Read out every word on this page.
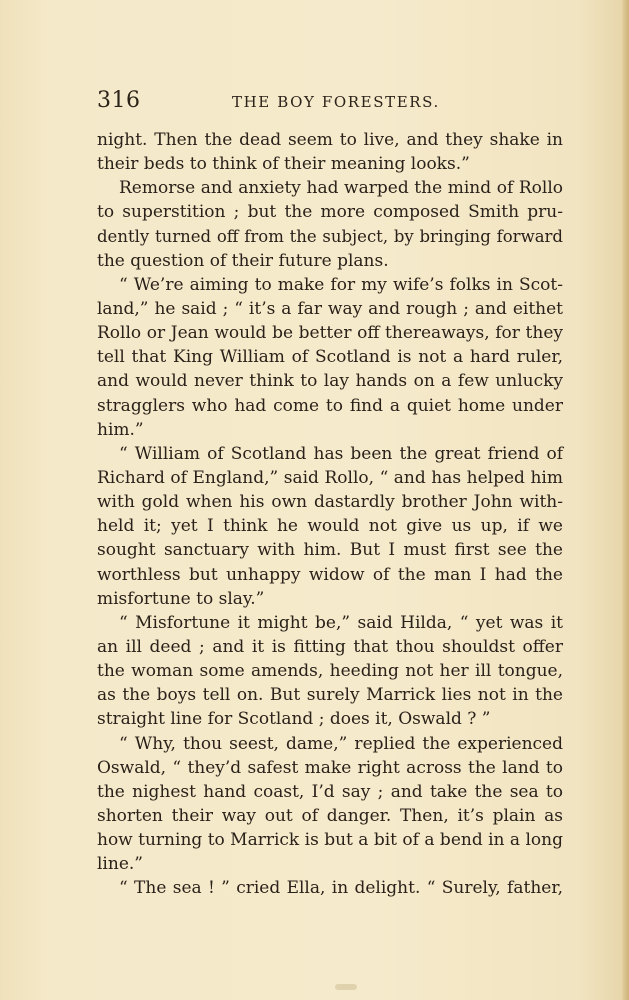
316	THE BOY FORESTERS.
night. Then the dead seem to live, and they shake in
their beds to think of their meaning looks.”
Remorse and anxiety had warped the mind of Rollo
to superstition ; but the more composed Smith pru-
dently turned off from the subject, by bringing forward
the question of their future plans.
“ We’re aiming to make for my wife’s folks in Scot-
land,” he said ; “ it’s a far way and rough ; and eithet
Rollo or Jean would be better off thereaways, for they
tell that King William of Scotland is not a hard ruler,
and would never think to lay hands on a few unlucky
stragglers who had come to find a quiet home under
him.”
“ William of Scotland has been the great friend of
Richard of England,” said Rollo, “ and has helped him
with gold when his own dastardly brother John with-
held it; yet I think he would not give us up, if we
sought sanctuary with him. But I must first see the
worthless but unhappy widow of the man I had the
misfortune to slay.”
“ Misfortune it might be,” said Hilda, “ yet was it
an ill deed ; and it is fitting that thou shouldst offer
the woman some amends, heeding not her ill tongue,
as the boys tell on. But surely Marrick lies not in the
straight line for Scotland ; does it, Oswald ? ”
“ Why, thou seest, dame,” replied the experienced
Oswald, “ they’d safest make right across the land to
the nighest hand coast, I’d say ; and take the sea to
shorten their way out of danger. Then, it’s plain as
how turning to Marrick is but a bit of a bend in a long
line.”
“ The sea ! ” cried Ella, in delight. “ Surely, father,
